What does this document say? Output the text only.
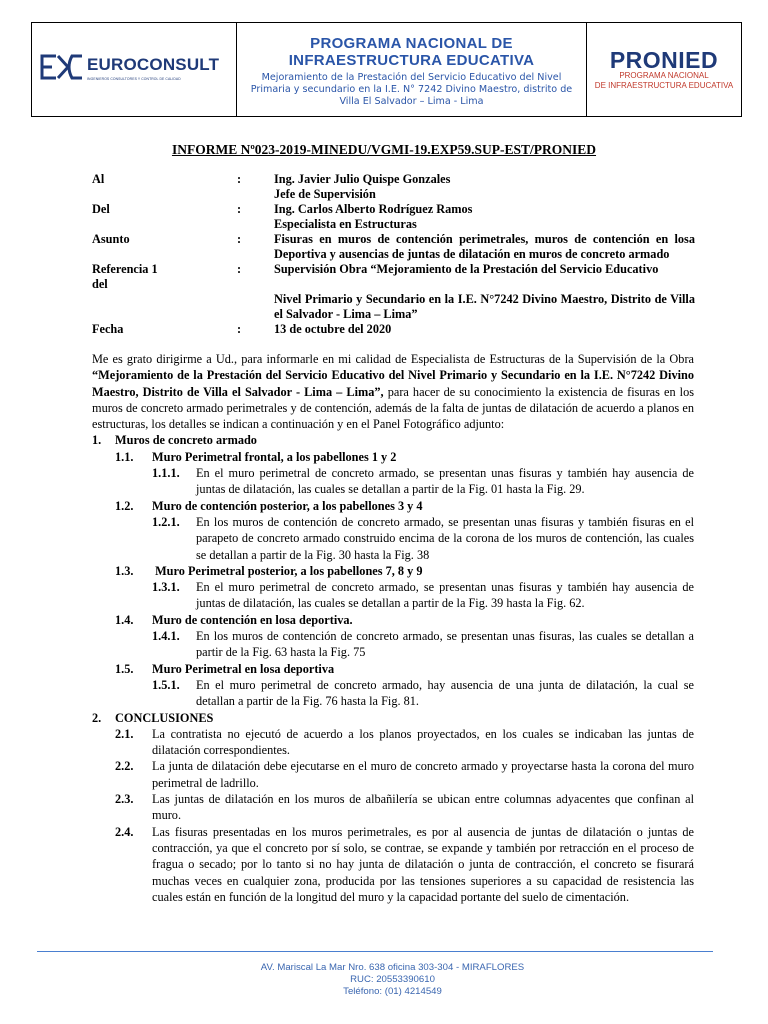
EUROCONSULT
INGENIEROS CONSULTORES Y CONTROL DE CALIDAD
PROGRAMA NACIONAL DE
INFRAESTRUCTURA EDUCATIVA
Mejoramiento de la Prestación del Servicio Educativo del Nivel Primaria y secundario en la I.E. N° 7242 Divino Maestro, distrito de Villa El Salvador – Lima - Lima
PRONIED
PROGRAMA NACIONAL
DE INFRAESTRUCTURA EDUCATIVA
INFORME Nº023-2019-MINEDU/VGMI-19.EXP59.SUP-EST/PRONIED
Al	:	Ing. Javier Julio Quispe Gonzales
Jefe de Supervisión
Del	:	Ing. Carlos Alberto Rodríguez Ramos
Especialista en Estructuras
Asunto	:	Fisuras en muros de contención perimetrales, muros de contención en losa Deportiva y ausencias de juntas de dilatación en muros de concreto armado
Referencia 1 del
:	Supervisión Obra “Mejoramiento de la Prestación del Servicio Educativo
Nivel Primario y Secundario en la I.E. N°7242 Divino Maestro, Distrito de Villa el Salvador - Lima – Lima”
Fecha	:	13 de octubre del 2020
Me es grato dirigirme a Ud., para informarle en mi calidad de Especialista de Estructuras de la Supervisión de la Obra “Mejoramiento de la Prestación del Servicio Educativo del Nivel Primario y Secundario en la I.E. N°7242 Divino Maestro, Distrito de Villa el Salvador - Lima – Lima”, para hacer de su conocimiento la existencia de fisuras en los muros de concreto armado perimetrales y de contención, además de la falta de juntas de dilatación de acuerdo a planos en estructuras, los detalles se indican a continuación y en el Panel Fotográfico adjunto:
1.	Muros de concreto armado
1.1.	Muro Perimetral frontal, a los pabellones 1 y 2
1.1.1.	En el muro perimetral de concreto armado, se presentan unas fisuras y también hay ausencia de juntas de dilatación, las cuales se detallan a partir de la Fig. 01 hasta la Fig. 29.
1.2.	Muro de contención posterior, a los pabellones 3 y 4
1.2.1.	En los muros de contención de concreto armado, se presentan unas fisuras y también fisuras en el parapeto de concreto armado construido encima de la corona de los muros de contención, las cuales se detallan a partir de la Fig. 30 hasta la Fig. 38
1.3.	Muro Perimetral posterior, a los pabellones 7, 8 y 9
1.3.1.	En el muro perimetral de concreto armado, se presentan unas fisuras y también hay ausencia de juntas de dilatación, las cuales se detallan a partir de la Fig. 39 hasta la Fig. 62.
1.4.	Muro de contención en losa deportiva.
1.4.1.	En los muros de contención de concreto armado, se presentan unas fisuras, las cuales se detallan a partir de la Fig. 63 hasta la Fig. 75
1.5.	Muro Perimetral en losa deportiva
1.5.1.	En el muro perimetral de concreto armado, hay ausencia de una junta de dilatación, la cual se detallan a partir de la Fig. 76 hasta la Fig. 81.
2.	CONCLUSIONES
2.1.	La contratista no ejecutó de acuerdo a los planos proyectados, en los cuales se indicaban las juntas de dilatación correspondientes.
2.2.	La junta de dilatación debe ejecutarse en el muro de concreto armado y proyectarse hasta la corona del muro perimetral de ladrillo.
2.3.	Las juntas de dilatación en los muros de albañilería se ubican entre columnas adyacentes que confinan al muro.
2.4.	Las fisuras presentadas en los muros perimetrales, es por al ausencia de juntas de dilatación o juntas de contracción, ya que el concreto por sí solo, se contrae, se expande y también por retracción en el proceso de fragua o secado; por lo tanto si no hay junta de dilatación o junta de contracción, el concreto se fisurará muchas veces en cualquier zona, producida por las tensiones superiores a su capacidad de resistencia las cuales están en función de la longitud del muro y la capacidad portante del suelo de cimentación.
AV. Mariscal La Mar Nro. 638 oficina 303-304 - MIRAFLORES
RUC: 20553390610
Teléfono: (01) 4214549
